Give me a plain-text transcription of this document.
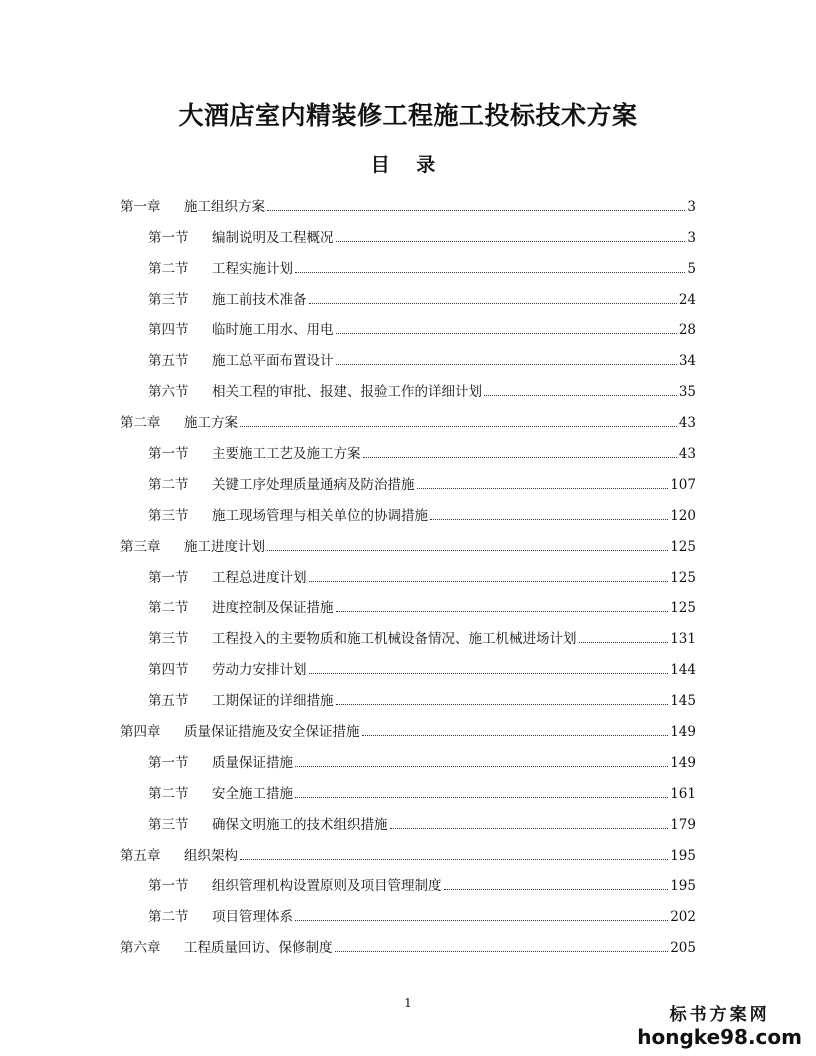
大酒店室内精装修工程施工投标技术方案
目 录
第一章	施工组织方案	3
第一节	编制说明及工程概况	3
第二节	工程实施计划	5
第三节	施工前技术准备	24
第四节	临时施工用水、用电	28
第五节	施工总平面布置设计	34
第六节	相关工程的审批、报建、报验工作的详细计划	35
第二章	施工方案	43
第一节	主要施工工艺及施工方案	43
第二节	关键工序处理质量通病及防治措施	107
第三节	施工现场管理与相关单位的协调措施	120
第三章	施工进度计划	125
第一节	工程总进度计划	125
第二节	进度控制及保证措施	125
第三节	工程投入的主要物质和施工机械设备情况、施工机械进场计划	131
第四节	劳动力安排计划	144
第五节	工期保证的详细措施	145
第四章	质量保证措施及安全保证措施	149
第一节	质量保证措施	149
第二节	安全施工措施	161
第三节	确保文明施工的技术组织措施	179
第五章	组织架构	195
第一节	组织管理机构设置原则及项目管理制度	195
第二节	项目管理体系	202
第六章	工程质量回访、保修制度	205
1
标书方案网
hongke98.com
